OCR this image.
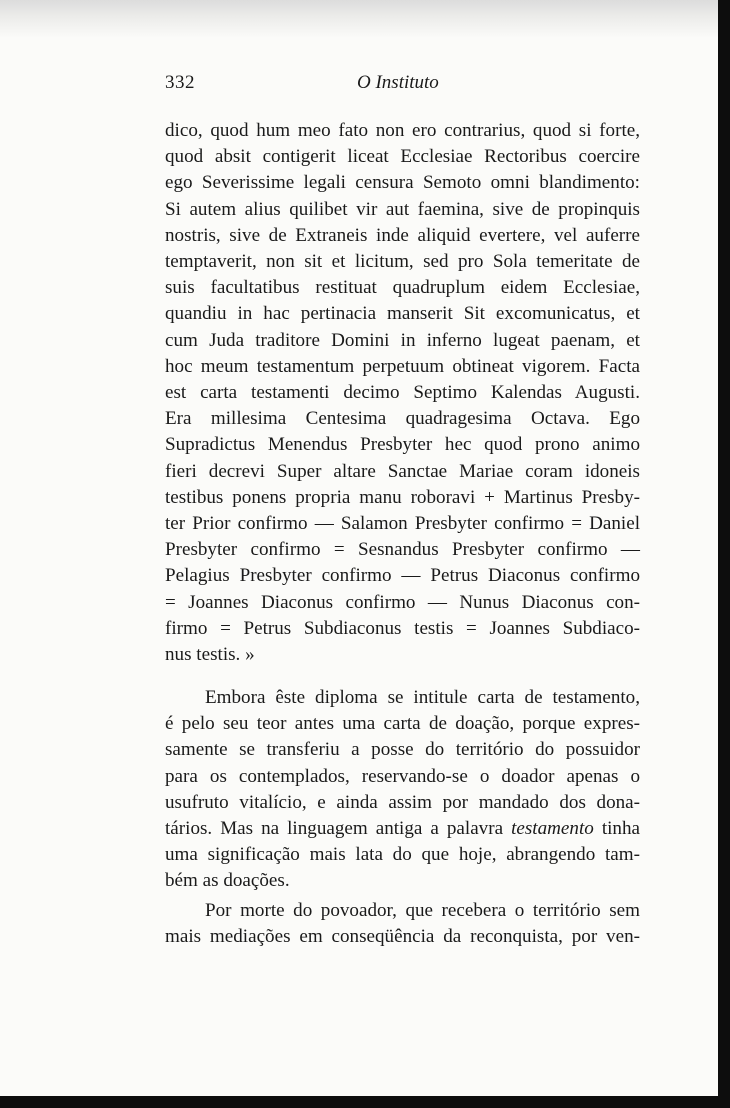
332	O Instituto
dico, quod hum meo fato non ero contrarius, quod si forte,
quod absit contigerit liceat Ecclesiae Rectoribus coercire
ego Severissime legali censura Semoto omni blandimento:
Si autem alius quilibet vir aut faemina, sive de propinquis
nostris, sive de Extraneis inde aliquid evertere, vel auferre
temptaverit, non sit et licitum, sed pro Sola temeritate de
suis facultatibus restituat quadruplum eidem Ecclesiae,
quandiu in hac pertinacia manserit Sit excomunicatus, et
cum Juda traditore Domini in inferno lugeat paenam, et
hoc meum testamentum perpetuum obtineat vigorem. Facta
est carta testamenti decimo Septimo Kalendas Augusti.
Era millesima Centesima quadragesima Octava. Ego
Supradictus Menendus Presbyter hec quod prono animo
fieri decrevi Super altare Sanctae Mariae coram idoneis
testibus ponens propria manu roboravi + Martinus Presby-
ter Prior confirmo — Salamon Presbyter confirmo = Daniel
Presbyter confirmo = Sesnandus Presbyter confirmo —
Pelagius Presbyter confirmo — Petrus Diaconus confirmo
= Joannes Diaconus confirmo — Nunus Diaconus con-
firmo = Petrus Subdiaconus testis = Joannes Subdiaco-
nus testis. »
Embora êste diploma se intitule carta de testamento,
é pelo seu teor antes uma carta de doação, porque expres-
samente se transferiu a posse do território do possuidor
para os contemplados, reservando-se o doador apenas o
usufruto vitalício, e ainda assim por mandado dos dona-
tários. Mas na linguagem antiga a palavra testamento tinha
uma significação mais lata do que hoje, abrangendo tam-
bém as doações.
Por morte do povoador, que recebera o território sem
mais mediações em conseqüência da reconquista, por ven-
